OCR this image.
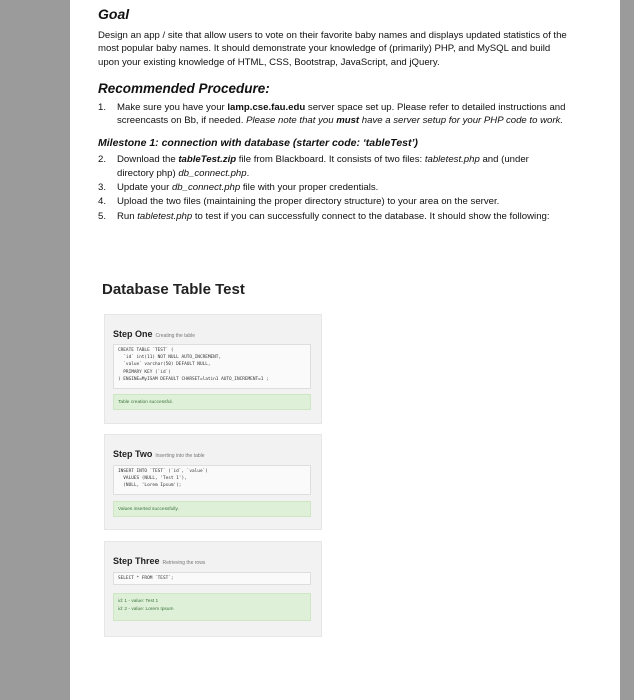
Goal

Design an app / site that allow users to vote on their favorite baby names and displays updated statistics of the most popular baby names. It should demonstrate your knowledge of (primarily) PHP, and MySQL and build upon your existing knowledge of HTML, CSS, Bootstrap, JavaScript, and jQuery.

Recommended Procedure:
1. Make sure you have your lamp.cse.fau.edu server space set up. Please refer to detailed instructions and screencasts on Bb, if needed. Please note that you must have a server setup for your PHP code to work.
Milestone 1: connection with database (starter code: ‘tableTest’)
2. Download the tableTest.zip file from Blackboard. It consists of two files: tabletest.php and (under directory php) db_connect.php.
3. Update your db_connect.php file with your proper credentials.
4. Upload the two files (maintaining the proper directory structure) to your area on the server.
5. Run tabletest.php to test if you can successfully connect to the database. It should show the following:
Database Table Test
Step One Creating the table
CREATE TABLE `TEST` (
`id` int(11) NOT NULL AUTO_INCREMENT,
`value` varchar(50) DEFAULT NULL,
PRIMARY KEY (`id`)
) ENGINE=MyISAM DEFAULT CHARSET=latin1 AUTO_INCREMENT=1 ;
Table creation successful.
Step Two Inserting into the table
INSERT INTO `TEST` (`id`, `value`)
VALUES (NULL, 'Test 1'),
(NULL, 'Lorem Ipsum');
Values inserted successfully.
Step Three Retrieving the rows
SELECT * FROM `TEST`;
id: 1 - value: Test 1
id: 2 - value: Lorem Ipsum
